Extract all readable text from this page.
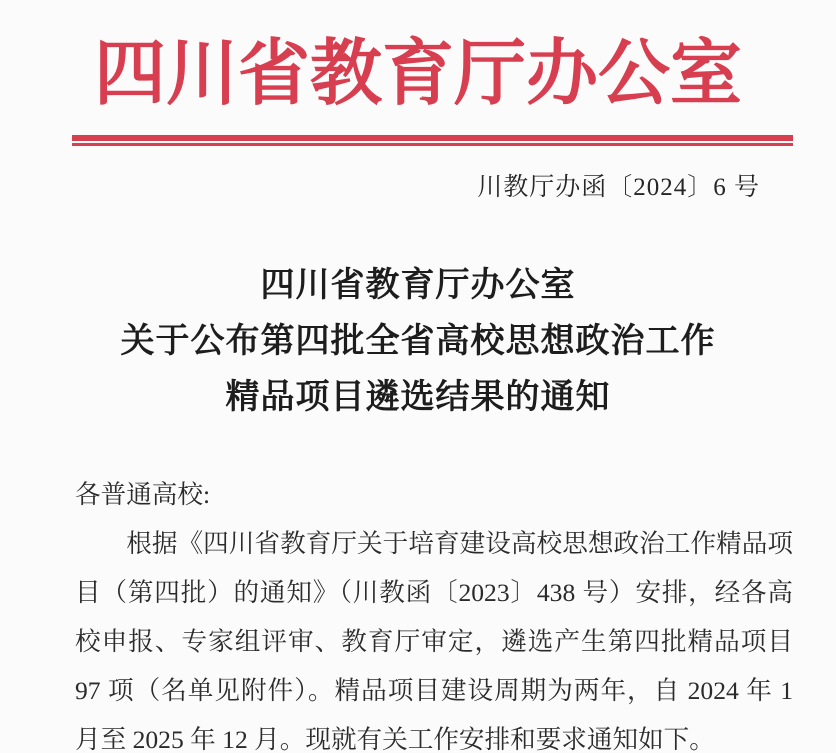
四川省教育厅办公室
川教厅办函〔2024〕6 号
四川省教育厅办公室
关于公布第四批全省高校思想政治工作
精品项目遴选结果的通知
各普通高校:

根据《四川省教育厅关于培育建设高校思想政治工作精品项目（第四批）的通知》（川教函〔2023〕438 号）安排，经各高校申报、专家组评审、教育厅审定，遴选产生第四批精品项目 97 项（名单见附件）。精品项目建设周期为两年，自 2024 年 1 月至 2025 年 12 月。现就有关工作安排和要求通知如下。
